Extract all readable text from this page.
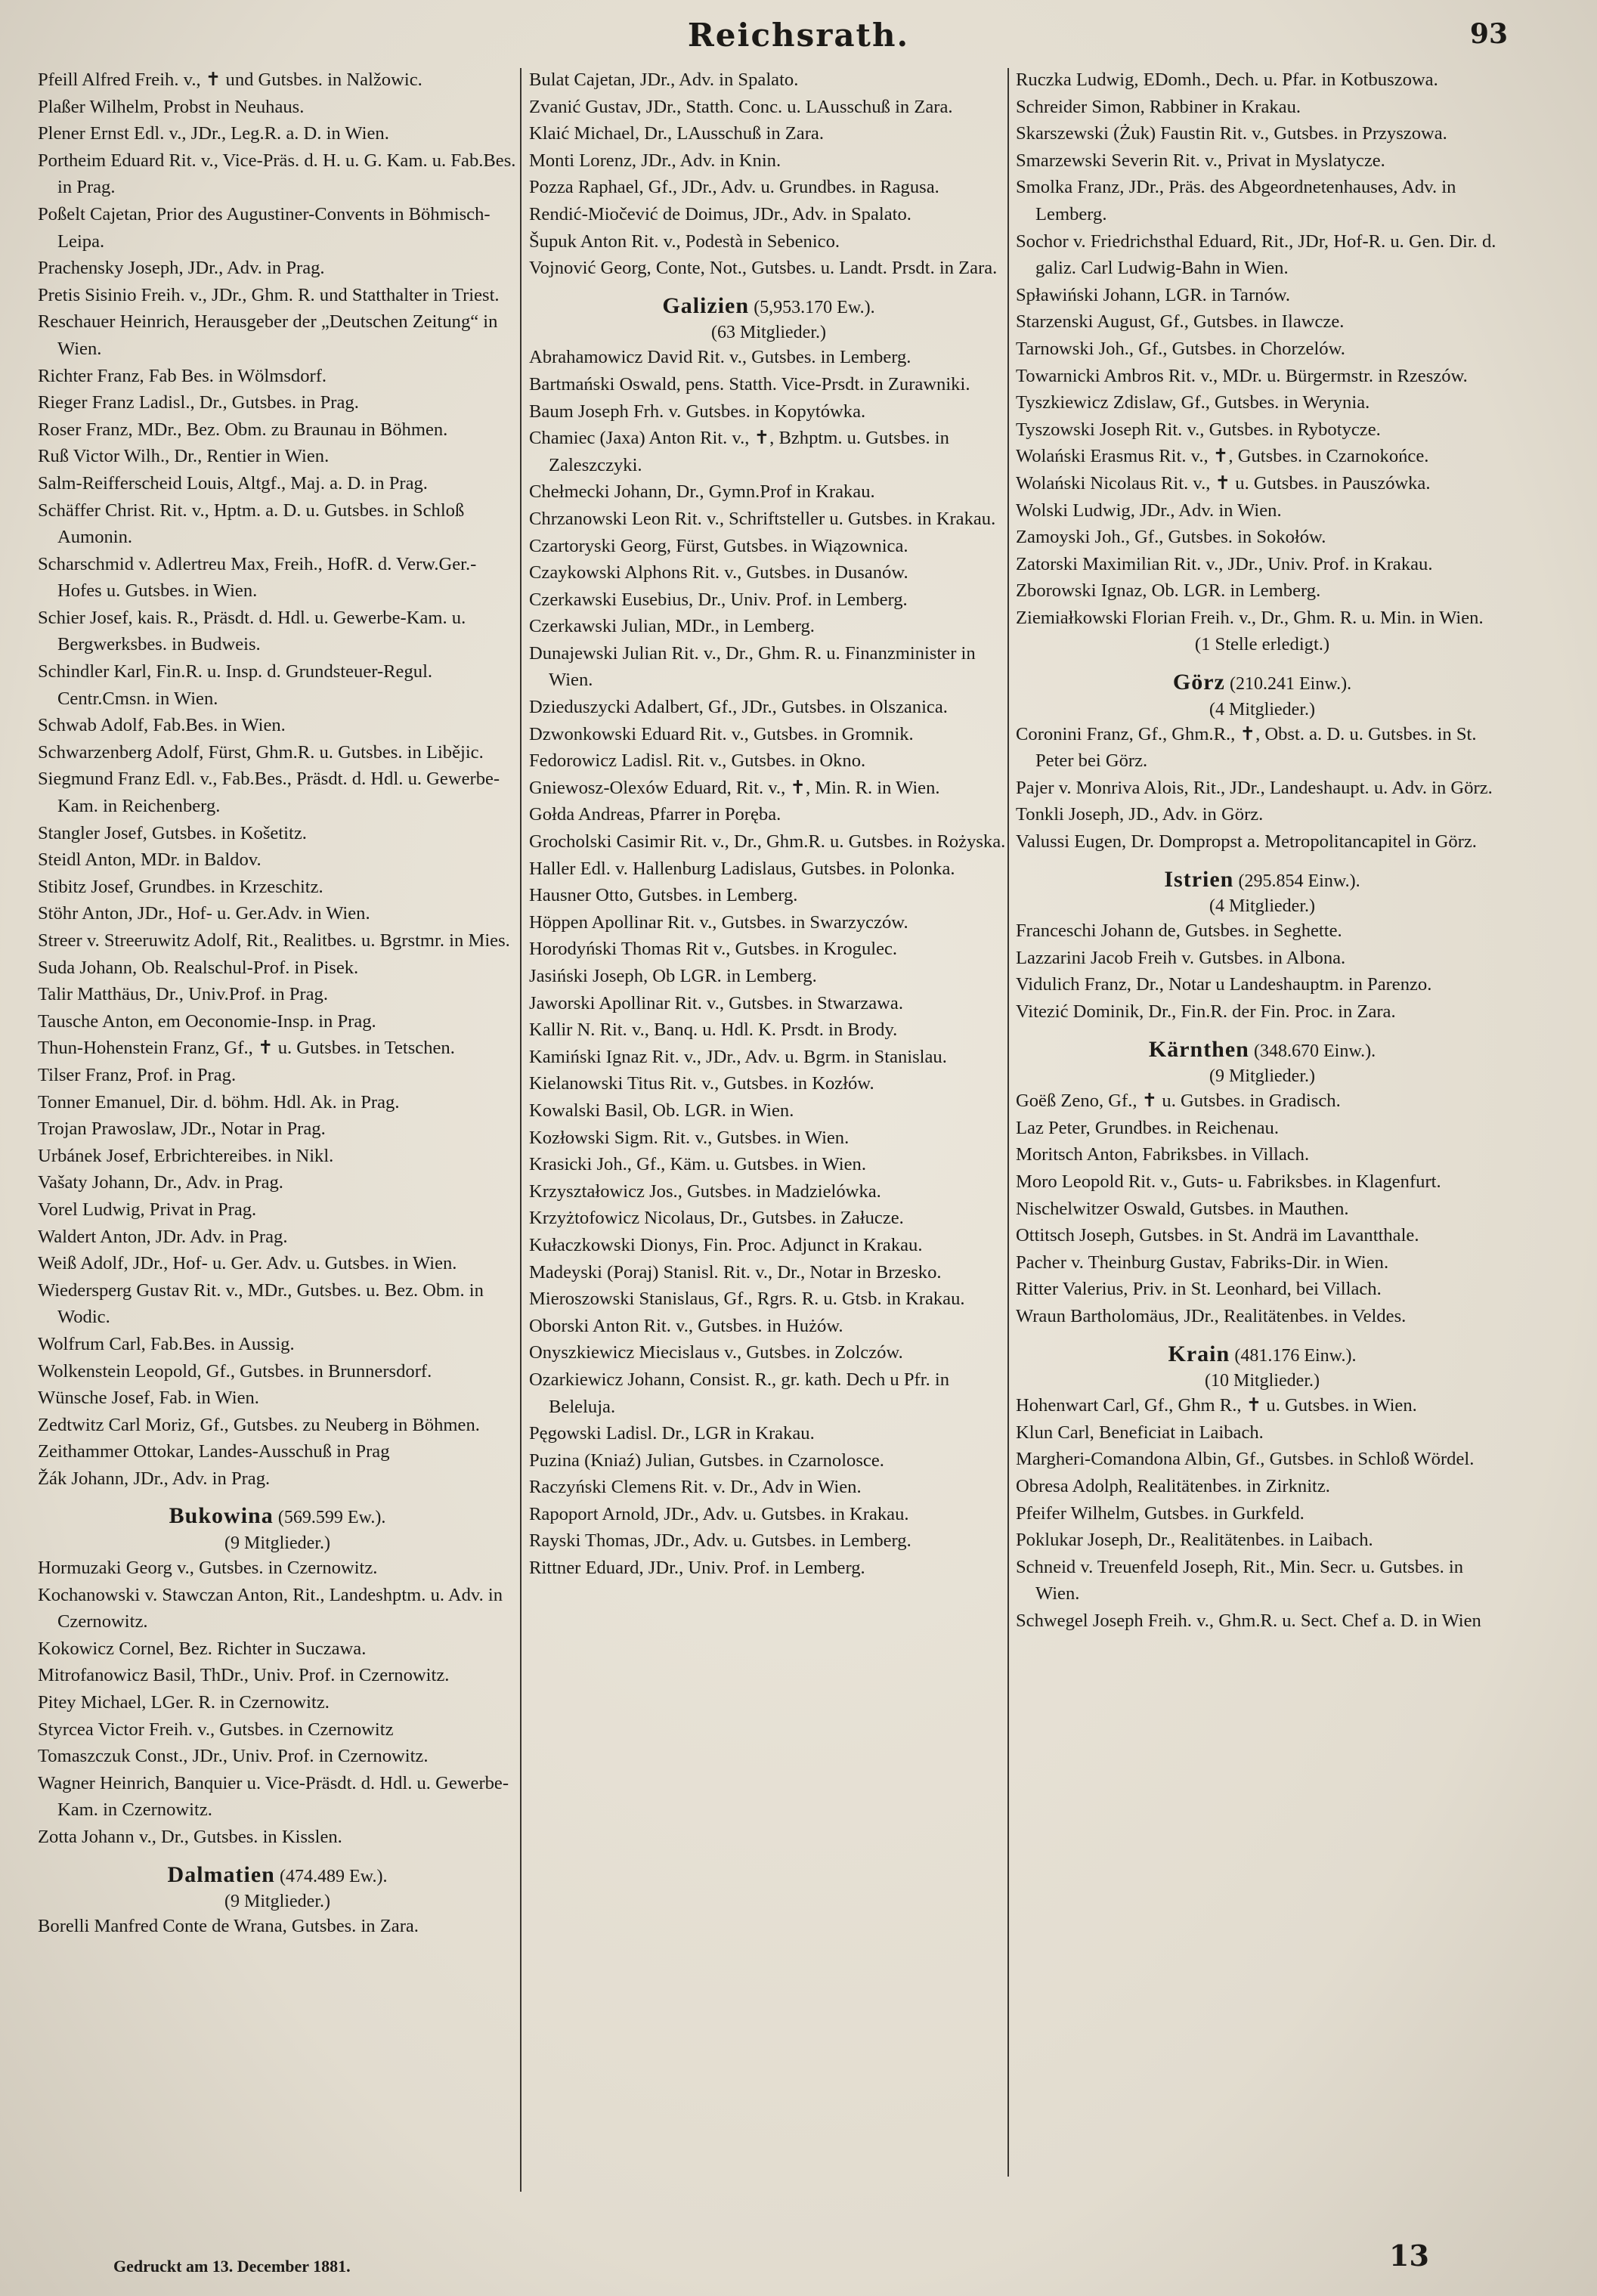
Reichsrath.	93
Pfeill Alfred Freih. v., ✝ und Gutsbes. in Nalžowic.
Plaßer Wilhelm, Probst in Neuhaus.
Plener Ernst Edl. v., JDr., Leg.R. a. D. in Wien.
Portheim Eduard Rit. v., Vice-Präs. d. H. u. G. Kam. u. Fab.Bes. in Prag.
Poßelt Cajetan, Prior des Augustiner-Convents in Böhmisch-Leipa.
Prachensky Joseph, JDr., Adv. in Prag.
Pretis Sisinio Freih. v., JDr., Ghm. R. und Statthalter in Triest.
Reschauer Heinrich, Herausgeber der „Deutschen Zeitung“ in Wien.
Richter Franz, Fab Bes. in Wölmsdorf.
Rieger Franz Ladisl., Dr., Gutsbes. in Prag.
Roser Franz, MDr., Bez. Obm. zu Braunau in Böhmen.
Ruß Victor Wilh., Dr., Rentier in Wien.
Salm-Reifferscheid Louis, Altgf., Maj. a. D. in Prag.
Schäffer Christ. Rit. v., Hptm. a. D. u. Gutsbes. in Schloß Aumonin.
Scharschmid v. Adlertreu Max, Freih., HofR. d. Verw.Ger.-Hofes u. Gutsbes. in Wien.
Schier Josef, kais. R., Präsdt. d. Hdl. u. Gewerbe-Kam. u. Bergwerksbes. in Budweis.
Schindler Karl, Fin.R. u. Insp. d. Grundsteuer-Regul. Centr.Cmsn. in Wien.
Schwab Adolf, Fab.Bes. in Wien.
Schwarzenberg Adolf, Fürst, Ghm.R. u. Gutsbes. in Libějic.
Siegmund Franz Edl. v., Fab.Bes., Präsdt. d. Hdl. u. Gewerbe-Kam. in Reichenberg.
Stangler Josef, Gutsbes. in Košetitz.
Steidl Anton, MDr. in Baldov.
Stibitz Josef, Grundbes. in Krzeschitz.
Stöhr Anton, JDr., Hof- u. Ger.Adv. in Wien.
Streer v. Streeruwitz Adolf, Rit., Realitbes. u. Bgrstmr. in Mies.
Suda Johann, Ob. Realschul-Prof. in Pisek.
Talir Matthäus, Dr., Univ.Prof. in Prag.
Tausche Anton, em Oeconomie-Insp. in Prag.
Thun-Hohenstein Franz, Gf., ✝ u. Gutsbes. in Tetschen.
Tilser Franz, Prof. in Prag.
Tonner Emanuel, Dir. d. böhm. Hdl. Ak. in Prag.
Trojan Prawoslaw, JDr., Notar in Prag.
Urbánek Josef, Erbrichtereibes. in Nikl.
Vašaty Johann, Dr., Adv. in Prag.
Vorel Ludwig, Privat in Prag.
Waldert Anton, JDr. Adv. in Prag.
Weiß Adolf, JDr., Hof- u. Ger. Adv. u. Gutsbes. in Wien.
Wiedersperg Gustav Rit. v., MDr., Gutsbes. u. Bez. Obm. in Wodic.
Wolfrum Carl, Fab.Bes. in Aussig.
Wolkenstein Leopold, Gf., Gutsbes. in Brunnersdorf.
Wünsche Josef, Fab. in Wien.
Zedtwitz Carl Moriz, Gf., Gutsbes. zu Neuberg in Böhmen.
Zeithammer Ottokar, Landes-Ausschuß in Prag
Žák Johann, JDr., Adv. in Prag.
Bukowina (569.599 Ew.).
(9 Mitglieder.)
Hormuzaki Georg v., Gutsbes. in Czernowitz.
Kochanowski v. Stawczan Anton, Rit., Landeshptm. u. Adv. in Czernowitz.
Kokowicz Cornel, Bez. Richter in Suczawa.
Mitrofanowicz Basil, ThDr., Univ. Prof. in Czernowitz.
Pitey Michael, LGer. R. in Czernowitz.
Styrcea Victor Freih. v., Gutsbes. in Czernowitz
Tomaszczuk Const., JDr., Univ. Prof. in Czernowitz.
Wagner Heinrich, Banquier u. Vice-Präsdt. d. Hdl. u. Gewerbe-Kam. in Czernowitz.
Zotta Johann v., Dr., Gutsbes. in Kisslen.
Dalmatien (474.489 Ew.).
(9 Mitglieder.)
Borelli Manfred Conte de Wrana, Gutsbes. in Zara.
Bulat Cajetan, JDr., Adv. in Spalato.
Zvanić Gustav, JDr., Statth. Conc. u. LAusschuß in Zara.
Klaić Michael, Dr., LAusschuß in Zara.
Monti Lorenz, JDr., Adv. in Knin.
Pozza Raphael, Gf., JDr., Adv. u. Grundbes. in Ragusa.
Rendić-Miočević de Doimus, JDr., Adv. in Spalato.
Šupuk Anton Rit. v., Podestà in Sebenico.
Vojnović Georg, Conte, Not., Gutsbes. u. Landt. Prsdt. in Zara.
Galizien (5,953.170 Ew.).
(63 Mitglieder.)
Abrahamowicz David Rit. v., Gutsbes. in Lemberg.
Bartmański Oswald, pens. Statth. Vice-Prsdt. in Zurawniki.
Baum Joseph Frh. v. Gutsbes. in Kopytówka.
Chamiec (Jaxa) Anton Rit. v., ✝, Bzhptm. u. Gutsbes. in Zaleszczyki.
Chełmecki Johann, Dr., Gymn.Prof in Krakau.
Chrzanowski Leon Rit. v., Schriftsteller u. Gutsbes. in Krakau.
Czartoryski Georg, Fürst, Gutsbes. in Wiązownica.
Czaykowski Alphons Rit. v., Gutsbes. in Dusanów.
Czerkawski Eusebius, Dr., Univ. Prof. in Lemberg.
Czerkawski Julian, MDr., in Lemberg.
Dunajewski Julian Rit. v., Dr., Ghm. R. u. Finanzminister in Wien.
Dzieduszycki Adalbert, Gf., JDr., Gutsbes. in Olszanica.
Dzwonkowski Eduard Rit. v., Gutsbes. in Gromnik.
Fedorowicz Ladisl. Rit. v., Gutsbes. in Okno.
Gniewosz-Olexów Eduard, Rit. v., ✝, Min. R. in Wien.
Gołda Andreas, Pfarrer in Poręba.
Grocholski Casimir Rit. v., Dr., Ghm.R. u. Gutsbes. in Rożyska.
Haller Edl. v. Hallenburg Ladislaus, Gutsbes. in Polonka.
Hausner Otto, Gutsbes. in Lemberg.
Höppen Apollinar Rit. v., Gutsbes. in Swarzyczów.
Horodyński Thomas Rit v., Gutsbes. in Krogulec.
Jasiński Joseph, Ob LGR. in Lemberg.
Jaworski Apollinar Rit. v., Gutsbes. in Stwarzawa.
Kallir N. Rit. v., Banq. u. Hdl. K. Prsdt. in Brody.
Kamiński Ignaz Rit. v., JDr., Adv. u. Bgrm. in Stanislau.
Kielanowski Titus Rit. v., Gutsbes. in Kozłów.
Kowalski Basil, Ob. LGR. in Wien.
Kozłowski Sigm. Rit. v., Gutsbes. in Wien.
Krasicki Joh., Gf., Käm. u. Gutsbes. in Wien.
Krzyształowicz Jos., Gutsbes. in Madzielówka.
Krzyżtofowicz Nicolaus, Dr., Gutsbes. in Załucze.
Kułaczkowski Dionys, Fin. Proc. Adjunct in Krakau.
Madeyski (Poraj) Stanisl. Rit. v., Dr., Notar in Brzesko.
Mieroszowski Stanislaus, Gf., Rgrs. R. u. Gtsb. in Krakau.
Oborski Anton Rit. v., Gutsbes. in Hużów.
Onyszkiewicz Miecislaus v., Gutsbes. in Zolczów.
Ozarkiewicz Johann, Consist. R., gr. kath. Dech u Pfr. in Beleluja.
Pęgowski Ladisl. Dr., LGR in Krakau.
Puzina (Kniaź) Julian, Gutsbes. in Czarnolosce.
Raczyński Clemens Rit. v. Dr., Adv in Wien.
Rapoport Arnold, JDr., Adv. u. Gutsbes. in Krakau.
Rayski Thomas, JDr., Adv. u. Gutsbes. in Lemberg.
Rittner Eduard, JDr., Univ. Prof. in Lemberg.
Ruczka Ludwig, EDomh., Dech. u. Pfar. in Kotbuszowa.
Schreider Simon, Rabbiner in Krakau.
Skarszewski (Żuk) Faustin Rit. v., Gutsbes. in Przyszowa.
Smarzewski Severin Rit. v., Privat in Myslatycze.
Smolka Franz, JDr., Präs. des Abgeordnetenhauses, Adv. in Lemberg.
Sochor v. Friedrichsthal Eduard, Rit., JDr, Hof-R. u. Gen. Dir. d. galiz. Carl Ludwig-Bahn in Wien.
Spławiński Johann, LGR. in Tarnów.
Starzenski August, Gf., Gutsbes. in Ilawcze.
Tarnowski Joh., Gf., Gutsbes. in Chorzelów.
Towarnicki Ambros Rit. v., MDr. u. Bürgermstr. in Rzeszów.
Tyszkiewicz Zdislaw, Gf., Gutsbes. in Werynia.
Tyszowski Joseph Rit. v., Gutsbes. in Rybotycze.
Wolański Erasmus Rit. v., ✝, Gutsbes. in Czarnokońce.
Wolański Nicolaus Rit. v., ✝ u. Gutsbes. in Pauszówka.
Wolski Ludwig, JDr., Adv. in Wien.
Zamoyski Joh., Gf., Gutsbes. in Sokołów.
Zatorski Maximilian Rit. v., JDr., Univ. Prof. in Krakau.
Zborowski Ignaz, Ob. LGR. in Lemberg.
Ziemiałkowski Florian Freih. v., Dr., Ghm. R. u. Min. in Wien.
(1 Stelle erledigt.)
Görz (210.241 Einw.).
(4 Mitglieder.)
Coronini Franz, Gf., Ghm.R., ✝, Obst. a. D. u. Gutsbes. in St. Peter bei Görz.
Pajer v. Monriva Alois, Rit., JDr., Landeshaupt. u. Adv. in Görz.
Tonkli Joseph, JD., Adv. in Görz.
Valussi Eugen, Dr. Dompropst a. Metropolitancapitel in Görz.
Istrien (295.854 Einw.).
(4 Mitglieder.)
Franceschi Johann de, Gutsbes. in Seghette.
Lazzarini Jacob Freih v. Gutsbes. in Albona.
Vidulich Franz, Dr., Notar u Landeshauptm. in Parenzo.
Vitezić Dominik, Dr., Fin.R. der Fin. Proc. in Zara.
Kärnthen (348.670 Einw.).
(9 Mitglieder.)
Goëß Zeno, Gf., ✝ u. Gutsbes. in Gradisch.
Laz Peter, Grundbes. in Reichenau.
Moritsch Anton, Fabriksbes. in Villach.
Moro Leopold Rit. v., Guts- u. Fabriksbes. in Klagenfurt.
Nischelwitzer Oswald, Gutsbes. in Mauthen.
Ottitsch Joseph, Gutsbes. in St. Andrä im Lavantthale.
Pacher v. Theinburg Gustav, Fabriks-Dir. in Wien.
Ritter Valerius, Priv. in St. Leonhard, bei Villach.
Wraun Bartholomäus, JDr., Realitätenbes. in Veldes.
Krain (481.176 Einw.).
(10 Mitglieder.)
Hohenwart Carl, Gf., Ghm R., ✝ u. Gutsbes. in Wien.
Klun Carl, Beneficiat in Laibach.
Margheri-Comandona Albin, Gf., Gutsbes. in Schloß Wördel.
Obresa Adolph, Realitätenbes. in Zirknitz.
Pfeifer Wilhelm, Gutsbes. in Gurkfeld.
Poklukar Joseph, Dr., Realitätenbes. in Laibach.
Schneid v. Treuenfeld Joseph, Rit., Min. Secr. u. Gutsbes. in Wien.
Schwegel Joseph Freih. v., Ghm.R. u. Sect. Chef a. D. in Wien
Gedruckt am 13. December 1881.	13
